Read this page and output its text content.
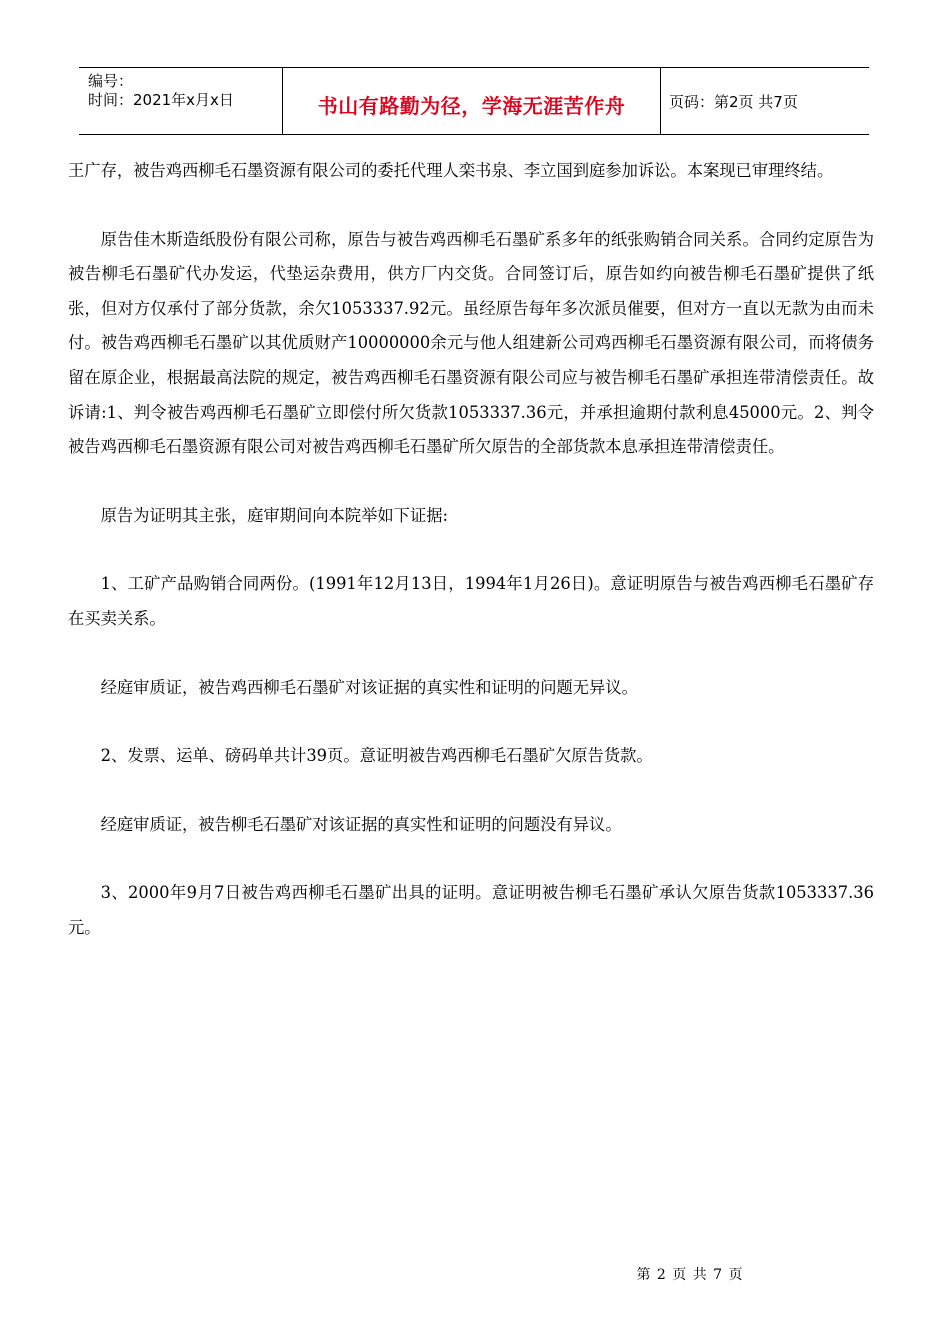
编号：
时间：2021年x月x日	书山有路勤为径，学海无涯苦作舟	页码：第2页 共7页

王广存，被告鸡西柳毛石墨资源有限公司的委托代理人栾书泉、李立国到庭参加诉讼。本案现已审理终结。

原告佳木斯造纸股份有限公司称，原告与被告鸡西柳毛石墨矿系多年的纸张购销合同关系。合同约定原告为被告柳毛石墨矿代办发运，代垫运杂费用，供方厂内交货。合同签订后，原告如约向被告柳毛石墨矿提供了纸张，但对方仅承付了部分货款，余欠1053337.92元。虽经原告每年多次派员催要，但对方一直以无款为由而未付。被告鸡西柳毛石墨矿以其优质财产10000000余元与他人组建新公司鸡西柳毛石墨资源有限公司，而将债务留在原企业，根据最高法院的规定，被告鸡西柳毛石墨资源有限公司应与被告柳毛石墨矿承担连带清偿责任。故诉请:1、判令被告鸡西柳毛石墨矿立即偿付所欠货款1053337.36元，并承担逾期付款利息45000元。2、判令被告鸡西柳毛石墨资源有限公司对被告鸡西柳毛石墨矿所欠原告的全部货款本息承担连带清偿责任。

原告为证明其主张，庭审期间向本院举如下证据:

1、工矿产品购销合同两份。(1991年12月13日，1994年1月26日)。意证明原告与被告鸡西柳毛石墨矿存在买卖关系。

经庭审质证，被告鸡西柳毛石墨矿对该证据的真实性和证明的问题无异议。

2、发票、运单、磅码单共计39页。意证明被告鸡西柳毛石墨矿欠原告货款。

经庭审质证，被告柳毛石墨矿对该证据的真实性和证明的问题没有异议。

3、2000年9月7日被告鸡西柳毛石墨矿出具的证明。意证明被告柳毛石墨矿承认欠原告货款1053337.36元。

第 2 页 共 7 页
